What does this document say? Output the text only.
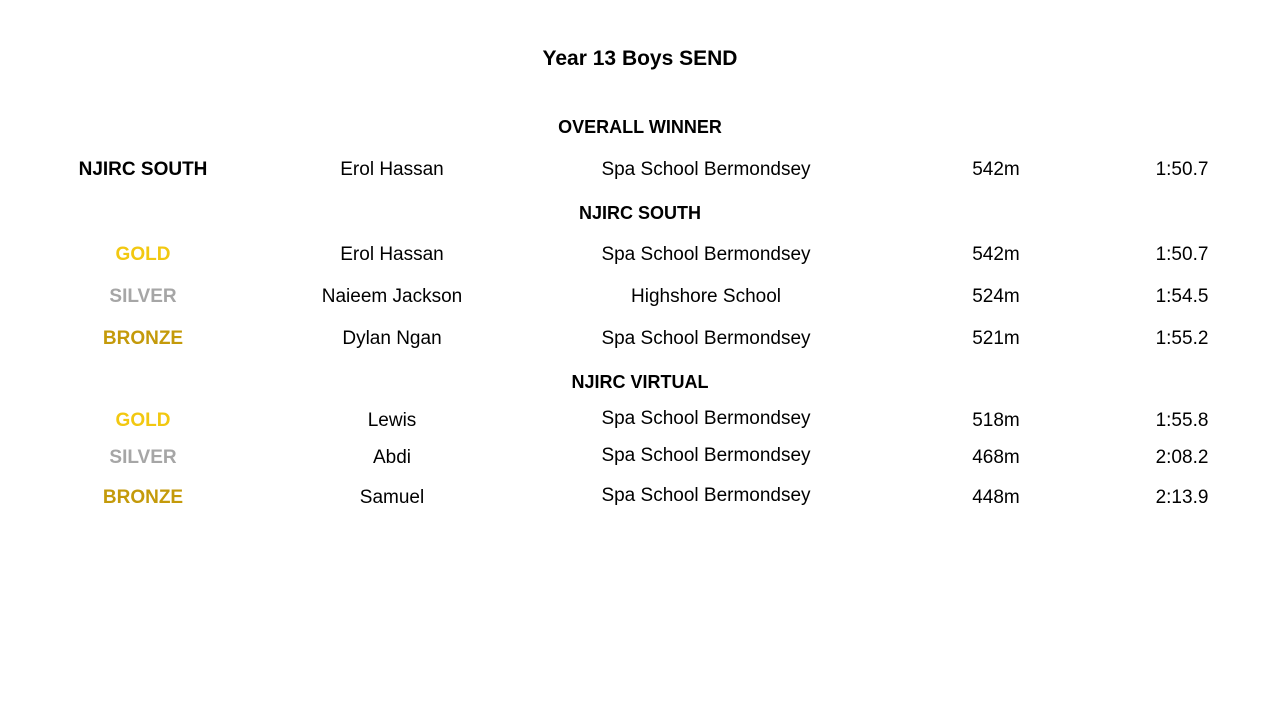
Year 13 Boys SEND
OVERALL WINNER
NJIRC SOUTH	Erol Hassan	Spa School Bermondsey	542m	1:50.7
NJIRC SOUTH
GOLD	Erol Hassan	Spa School Bermondsey	542m	1:50.7
SILVER	Naieem Jackson	Highshore School	524m	1:54.5
BRONZE	Dylan Ngan	Spa School Bermondsey	521m	1:55.2
NJIRC VIRTUAL
GOLD	Lewis	Spa School Bermondsey	518m	1:55.8
SILVER	Abdi	Spa School Bermondsey	468m	2:08.2
BRONZE	Samuel	Spa School Bermondsey	448m	2:13.9
